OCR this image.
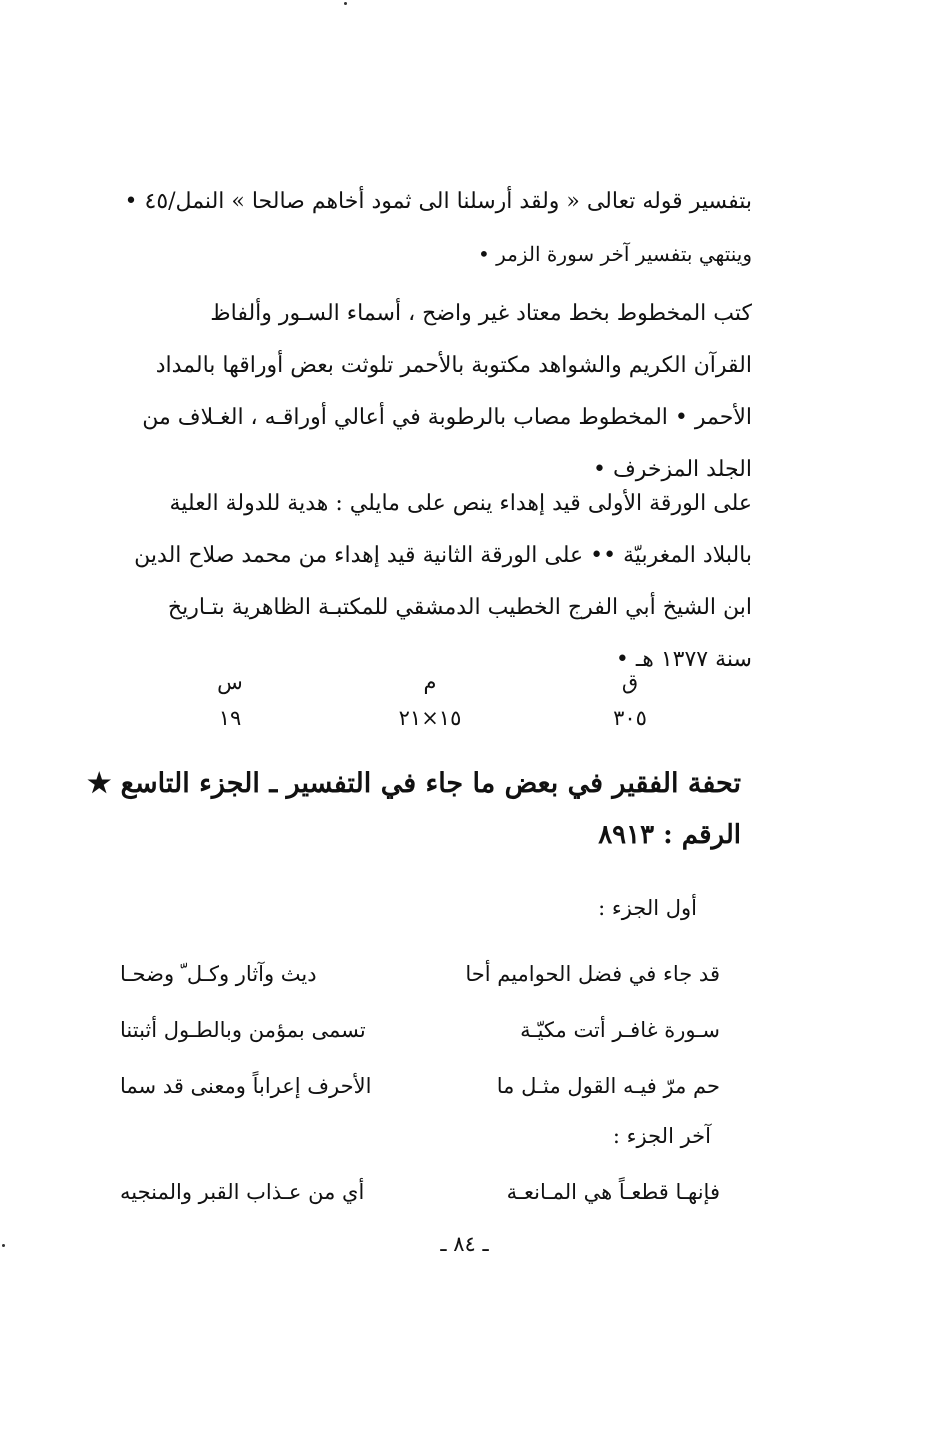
بتفسير قوله تعالى « ولقد أرسلنا الى ثمود أخاهم صالحا » النمل/٤٥ •
وينتهي بتفسير آخر سورة الزمر •
كتب المخطوط بخط معتاد غير واضح ، أسماء السـور وألفاظ
القرآن الكريم والشواهد مكتوبة بالأحمر تلوثت بعض أوراقها بالمداد
الأحمر • المخطوط مصاب بالرطوبة في أعالي أوراقـه ، الغـلاف من
الجلد المزخرف •
على الورقة الأولى قيد إهداء ينص على مايلي : هدية للدولة العلية
بالبلاد المغربيّة •• على الورقة الثانية قيد إهداء من محمد صلاح الدين
ابن الشيخ أبي الفرج الخطيب الدمشقي للمكتبـة الظاهرية بتـاريخ
سنة ١٣٧٧ هـ •
ق
م
س
٣٠٥
١٥×٢١
١٩
تحفة الفقير في بعض ما جاء في التفسير ـ الجزء التاسع ★
الرقم : ٨٩١٣
أول الجزء :
قد جاء في فضل الحواميم أحا
ديث وآثار وكـل ّ وضحـا
سـورة غافـر أتت مكيّـة
تسمى بمؤمن وبالطـول أثبتنا
حم مرّ فيـه القول مثـل ما
الأحرف إعراباً ومعنى قد سما
آخر الجزء :
فإنهـا قطعـاً هي المـانعـة
أي من عـذاب القبر والمنجيه
ـ ٨٤ ـ
